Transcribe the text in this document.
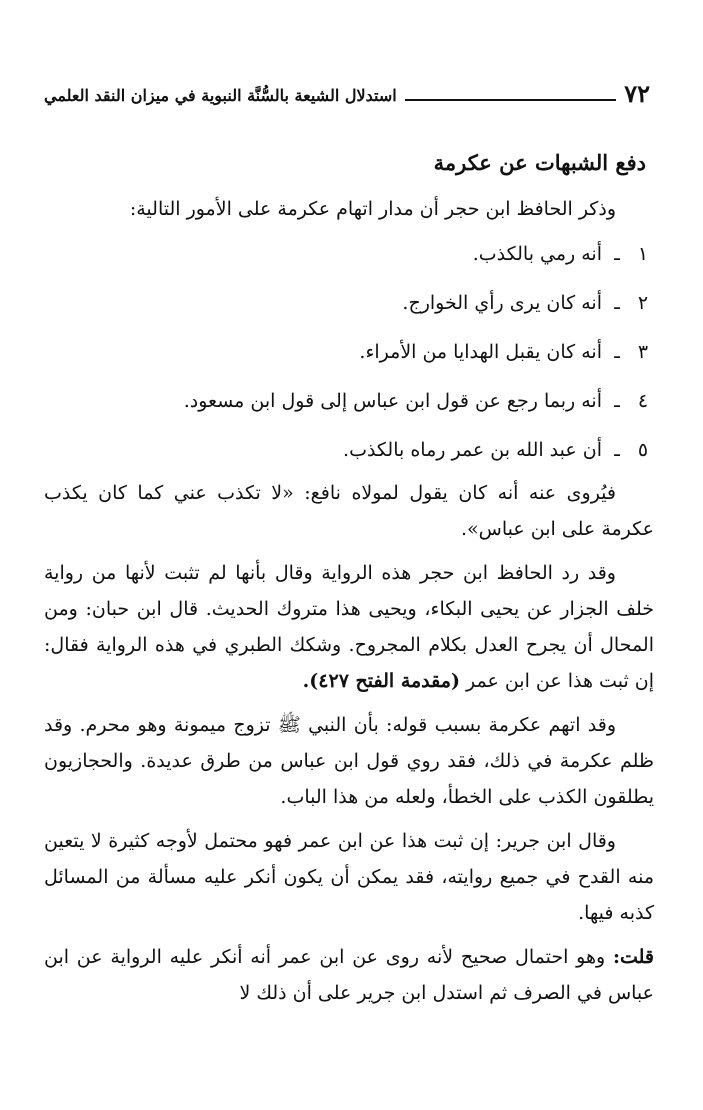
٧٢
استدلال الشيعة بالسُّنَّة النبوية في ميزان النقد العلمي
دفع الشبهات عن عكرمة
وذكر الحافظ ابن حجر أن مدار اتهام عكرمة على الأمور التالية:
١
ـ
أنه رمي بالكذب.
٢
ـ
أنه كان يرى رأي الخوارج.
٣
ـ
أنه كان يقبل الهدايا من الأمراء.
٤
ـ
أنه ربما رجع عن قول ابن عباس إلى قول ابن مسعود.
٥
ـ
أن عبد الله بن عمر رماه بالكذب.
فيُروى عنه أنه كان يقول لمولاه نافع: «لا تكذب عني كما كان يكذب عكرمة على ابن عباس».
وقد رد الحافظ ابن حجر هذه الرواية وقال بأنها لم تثبت لأنها من رواية خلف الجزار عن يحيى البكاء، ويحيى هذا متروك الحديث. قال ابن حبان: ومن المحال أن يجرح العدل بكلام المجروح. وشكك الطبري في هذه الرواية فقال: إن ثبت هذا عن ابن عمر (مقدمة الفتح ٤٢٧).
وقد اتهم عكرمة بسبب قوله: بأن النبي ﷺ تزوج ميمونة وهو محرم. وقد ظلم عكرمة في ذلك، فقد روي قول ابن عباس من طرق عديدة. والحجازيون يطلقون الكذب على الخطأ، ولعله من هذا الباب.
وقال ابن جرير: إن ثبت هذا عن ابن عمر فهو محتمل لأوجه كثيرة لا يتعين منه القدح في جميع روايته، فقد يمكن أن يكون أنكر عليه مسألة من المسائل كذبه فيها.
قلت: وهو احتمال صحيح لأنه روى عن ابن عمر أنه أنكر عليه الرواية عن ابن عباس في الصرف ثم استدل ابن جرير على أن ذلك لا
